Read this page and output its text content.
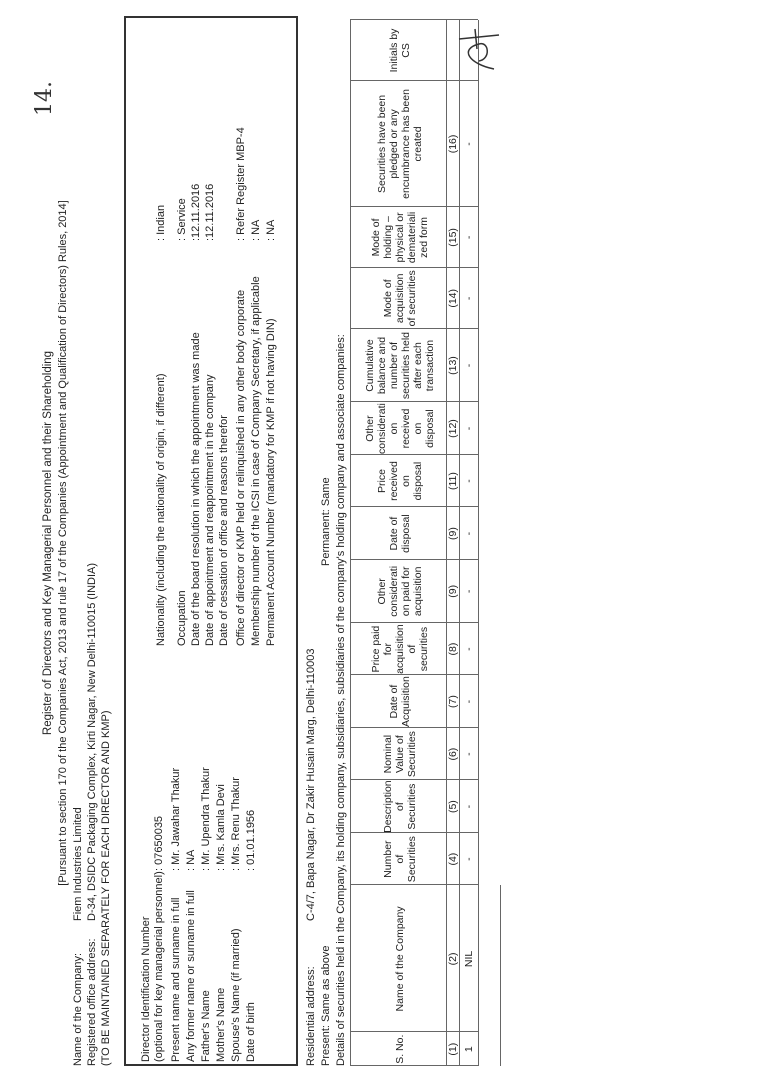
Register of Directors and Key Managerial Personnel and their Shareholding [Pursuant to section 170 of the Companies Act, 2013 and rule 17 of the Companies (Appointment and Qualification of Directors) Rules, 2014]
14.
Name of the Company:
Fiem Industries Limited
Registered office address:
D-34, DSIDC Packaging Complex, Kirti Nagar, New Delhi-110015 (INDIA) (TO BE MAINTAINED SEPARATELY FOR EACH DIRECTOR AND KMP)	Director Identification Number (optional for key managerial personnel)
: 07650035
Present name and surname in full
: Mr. Jawahar Thakur
Any former name or surname in full
: NA
Father's Name
: Mr. Upendra Thakur
Mother's Name
: Mrs. Kamla Devi
Spouse's Name (if married)
: Mrs. Renu Thakur
Date of birth
: 01.01.1956
Nationality (including the nationality of origin, if different)
: Indian
Occupation
: Service
Date of the board resolution in which the appointment was made
:12.11.2016
Date of appointment and reappointment in the company
:12.11.2016
Date of cessation of office and reasons therefor Office of director or KMP held or relinquished in any other body corporate
: Refer Register MBP-4
Membership number of the ICSI in case of Company Secretary, if applicable
: NA
Permanent Account Number (mandatory for KMP if not having DIN)
: NA
Residential address:
C-4/7, Bapa Nagar, Dr Zakir Husain Marg, Delhi-110003
Present: Same as above
Permanent: Same Details of securities held in the Company, its holding company, subsidiaries, subsidiaries of the company's holding company and associate companies:	S. No.
Name of the Company
Number of Securities
Description of Securities
Nominal Value of Securities
Date of Acquisition
Price paid for acquisition of securities
Other considerati on paid for acquisition
Date of disposal
Price received on disposal
Other considerati on received on disposal
Cumulative balance and number of securities held after each transaction
Mode of acquisition of securities
Mode of holding – physical or demateriali zed form
Securities have been pledged or any encumbrance has been created
Initials by CS
(1)
(2)
(4)
(5)
(6)
(7)
(8)
(9)
(9)
(11)
(12)
(13)
(14)
(15)
(16)
1
NIL
-
-
-
-
-
-
-
-
-
-
-
-
-
